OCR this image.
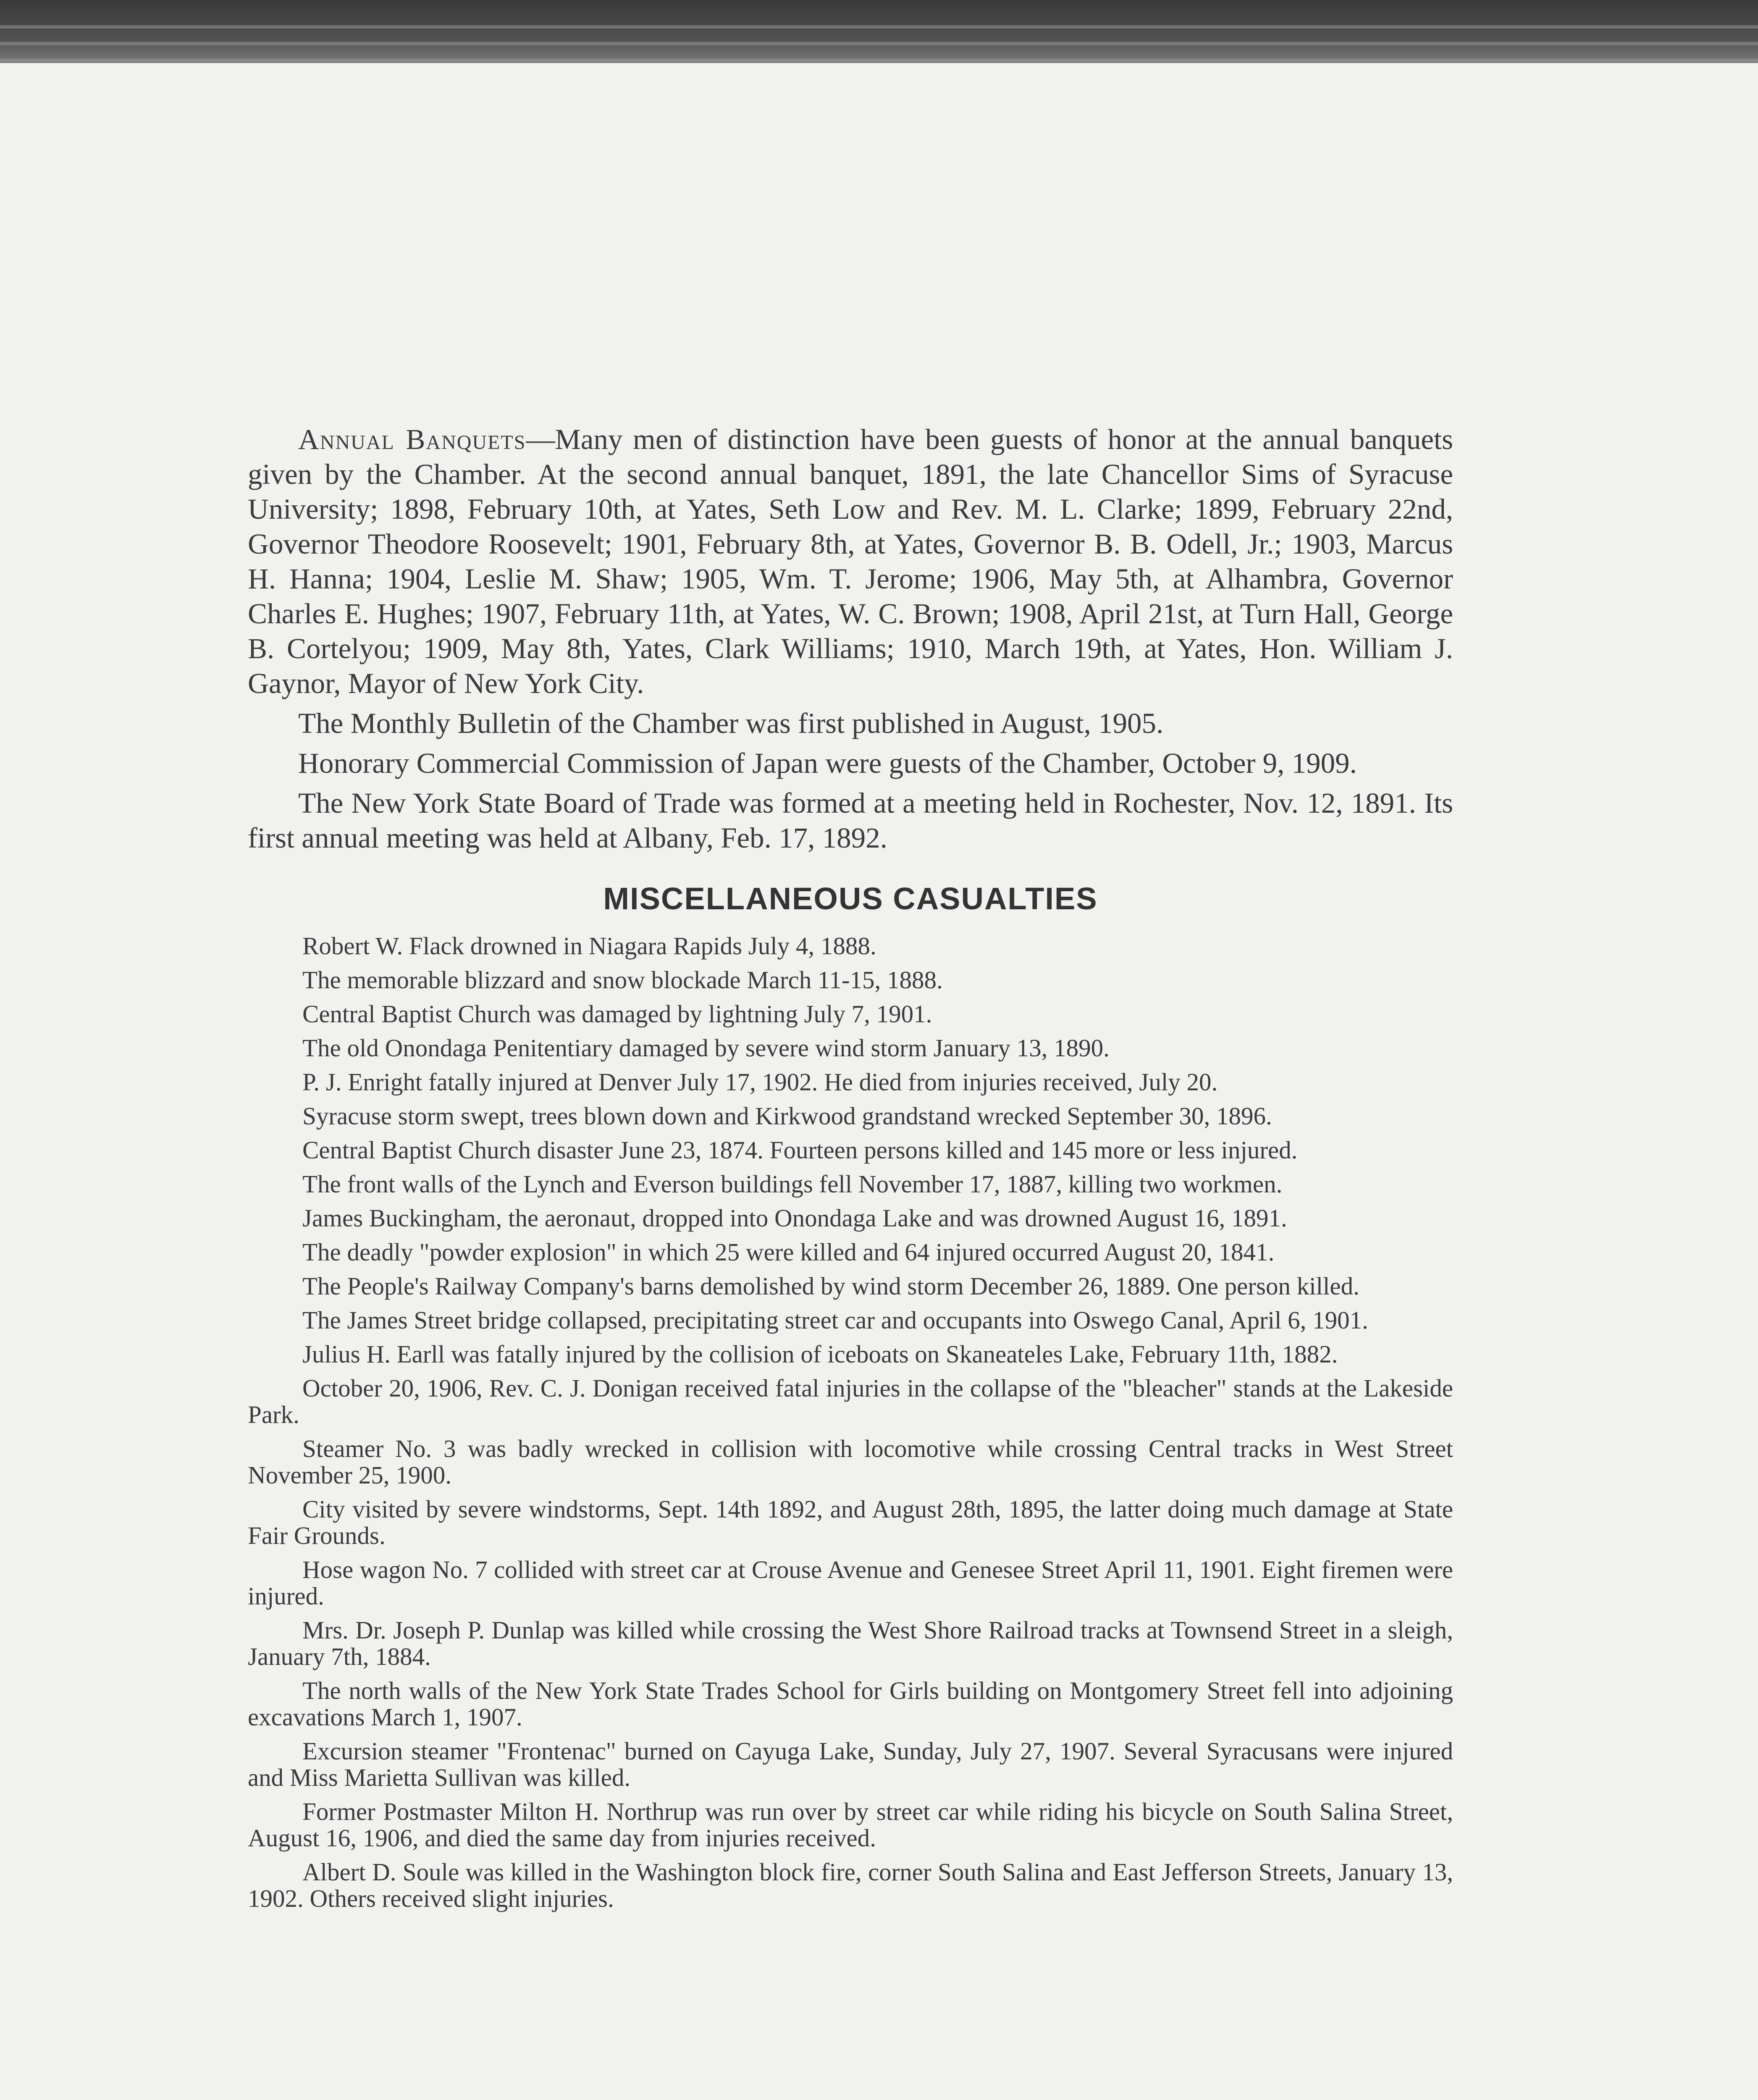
Annual Banquets—Many men of distinction have been guests of honor at the annual banquets given by the Chamber. At the second annual banquet, 1891, the late Chancellor Sims of Syracuse University; 1898, February 10th, at Yates, Seth Low and Rev. M. L. Clarke; 1899, February 22nd, Governor Theodore Roosevelt; 1901, February 8th, at Yates, Governor B. B. Odell, Jr.; 1903, Marcus H. Hanna; 1904, Leslie M. Shaw; 1905, Wm. T. Jerome; 1906, May 5th, at Alhambra, Governor Charles E. Hughes; 1907, February 11th, at Yates, W. C. Brown; 1908, April 21st, at Turn Hall, George B. Cortelyou; 1909, May 8th, Yates, Clark Williams; 1910, March 19th, at Yates, Hon. William J. Gaynor, Mayor of New York City.

The Monthly Bulletin of the Chamber was first published in August, 1905.

Honorary Commercial Commission of Japan were guests of the Chamber, October 9, 1909.

The New York State Board of Trade was formed at a meeting held in Rochester, Nov. 12, 1891. Its first annual meeting was held at Albany, Feb. 17, 1892.

MISCELLANEOUS CASUALTIES
Robert W. Flack drowned in Niagara Rapids July 4, 1888.
The memorable blizzard and snow blockade March 11-15, 1888.
Central Baptist Church was damaged by lightning July 7, 1901.
The old Onondaga Penitentiary damaged by severe wind storm January 13, 1890.
P. J. Enright fatally injured at Denver July 17, 1902. He died from injuries received, July 20.
Syracuse storm swept, trees blown down and Kirkwood grandstand wrecked September 30, 1896.
Central Baptist Church disaster June 23, 1874. Fourteen persons killed and 145 more or less injured.
The front walls of the Lynch and Everson buildings fell November 17, 1887, killing two workmen.
James Buckingham, the aeronaut, dropped into Onondaga Lake and was drowned August 16, 1891.
The deadly "powder explosion" in which 25 were killed and 64 injured occurred August 20, 1841.
The People's Railway Company's barns demolished by wind storm December 26, 1889. One person killed.
The James Street bridge collapsed, precipitating street car and occupants into Oswego Canal, April 6, 1901.
Julius H. Earll was fatally injured by the collision of iceboats on Skaneateles Lake, February 11th, 1882.
October 20, 1906, Rev. C. J. Donigan received fatal injuries in the collapse of the "bleacher" stands at the Lakeside Park.
Steamer No. 3 was badly wrecked in collision with locomotive while crossing Central tracks in West Street November 25, 1900.
City visited by severe windstorms, Sept. 14th 1892, and August 28th, 1895, the latter doing much damage at State Fair Grounds.
Hose wagon No. 7 collided with street car at Crouse Avenue and Genesee Street April 11, 1901. Eight firemen were injured.
Mrs. Dr. Joseph P. Dunlap was killed while crossing the West Shore Railroad tracks at Townsend Street in a sleigh, January 7th, 1884.
The north walls of the New York State Trades School for Girls building on Montgomery Street fell into adjoining excavations March 1, 1907.
Excursion steamer "Frontenac" burned on Cayuga Lake, Sunday, July 27, 1907. Several Syracusans were injured and Miss Marietta Sullivan was killed.
Former Postmaster Milton H. Northrup was run over by street car while riding his bicycle on South Salina Street, August 16, 1906, and died the same day from injuries received.
Albert D. Soule was killed in the Washington block fire, corner South Salina and East Jefferson Streets, January 13, 1902. Others received slight injuries.
